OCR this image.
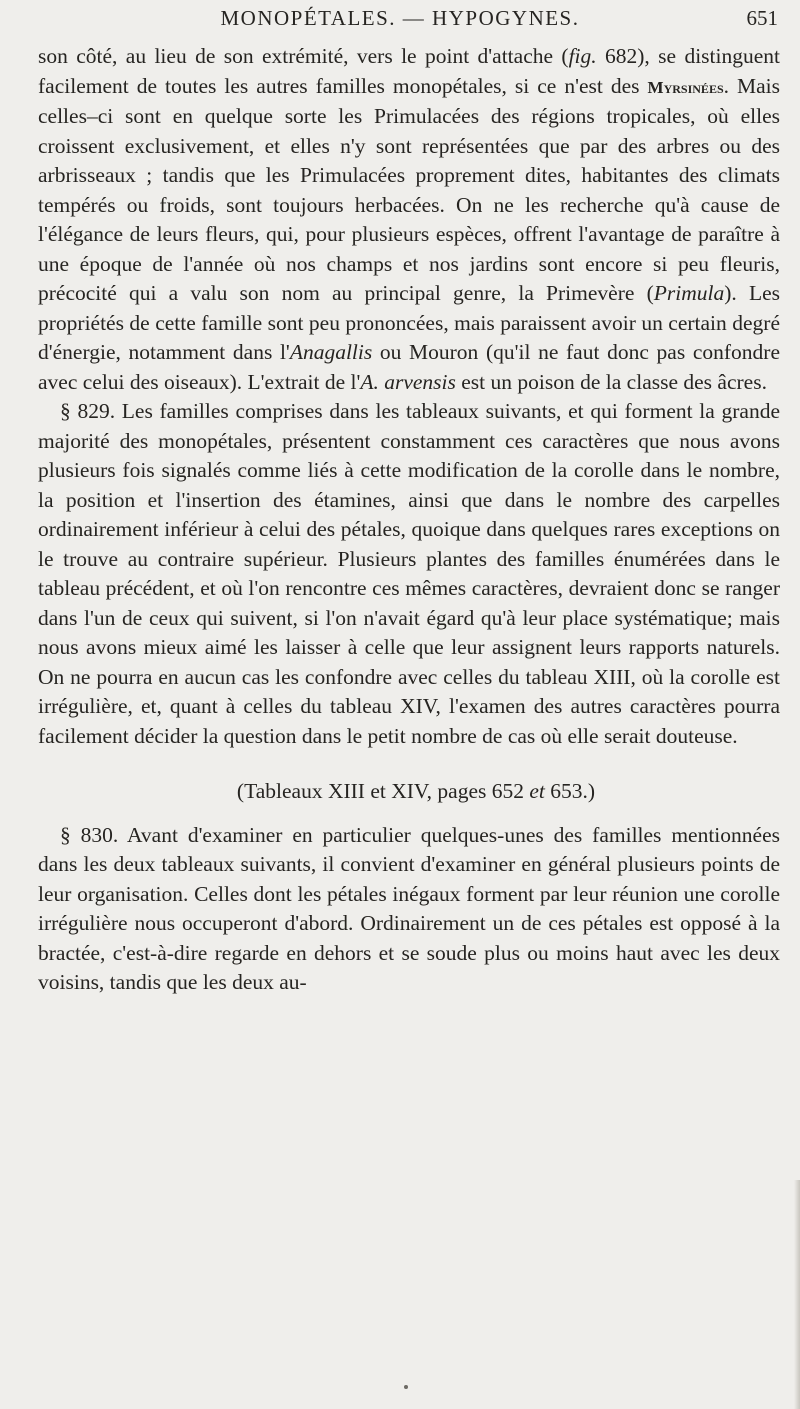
MONOPÉTALES. — HYPOGYNES.	651

son côté, au lieu de son extrémité, vers le point d'attache (fig. 682), se distinguent facilement de toutes les autres familles monopétales, si ce n'est des Myrsinées. Mais celles–ci sont en quelque sorte les Primulacées des régions tropicales, où elles croissent exclusivement, et elles n'y sont représentées que par des arbres ou des arbrisseaux ; tandis que les Primulacées proprement dites, habitantes des climats tempérés ou froids, sont toujours herbacées. On ne les recherche qu'à cause de l'élégance de leurs fleurs, qui, pour plusieurs espèces, offrent l'avantage de paraître à une époque de l'année où nos champs et nos jardins sont encore si peu fleuris, précocité qui a valu son nom au principal genre, la Primevère (Primula). Les propriétés de cette famille sont peu prononcées, mais paraissent avoir un certain degré d'énergie, notamment dans l'Anagallis ou Mouron (qu'il ne faut donc pas confondre avec celui des oiseaux). L'extrait de l'A. arvensis est un poison de la classe des âcres.

§ 829. Les familles comprises dans les tableaux suivants, et qui forment la grande majorité des monopétales, présentent constamment ces caractères que nous avons plusieurs fois signalés comme liés à cette modification de la corolle dans le nombre, la position et l'insertion des étamines, ainsi que dans le nombre des carpelles ordinairement inférieur à celui des pétales, quoique dans quelques rares exceptions on le trouve au contraire supérieur. Plusieurs plantes des familles énumérées dans le tableau précédent, et où l'on rencontre ces mêmes caractères, devraient donc se ranger dans l'un de ceux qui suivent, si l'on n'avait égard qu'à leur place systématique; mais nous avons mieux aimé les laisser à celle que leur assignent leurs rapports naturels. On ne pourra en aucun cas les confondre avec celles du tableau XIII, où la corolle est irrégulière, et, quant à celles du tableau XIV, l'examen des autres caractères pourra facilement décider la question dans le petit nombre de cas où elle serait douteuse.

(Tableaux XIII et XIV, pages 652 et 653.)

§ 830. Avant d'examiner en particulier quelques-unes des familles mentionnées dans les deux tableaux suivants, il convient d'examiner en général plusieurs points de leur organisation. Celles dont les pétales inégaux forment par leur réunion une corolle irrégulière nous occuperont d'abord. Ordinairement un de ces pétales est opposé à la bractée, c'est-à-dire regarde en dehors et se soude plus ou moins haut avec les deux voisins, tandis que les deux au-
